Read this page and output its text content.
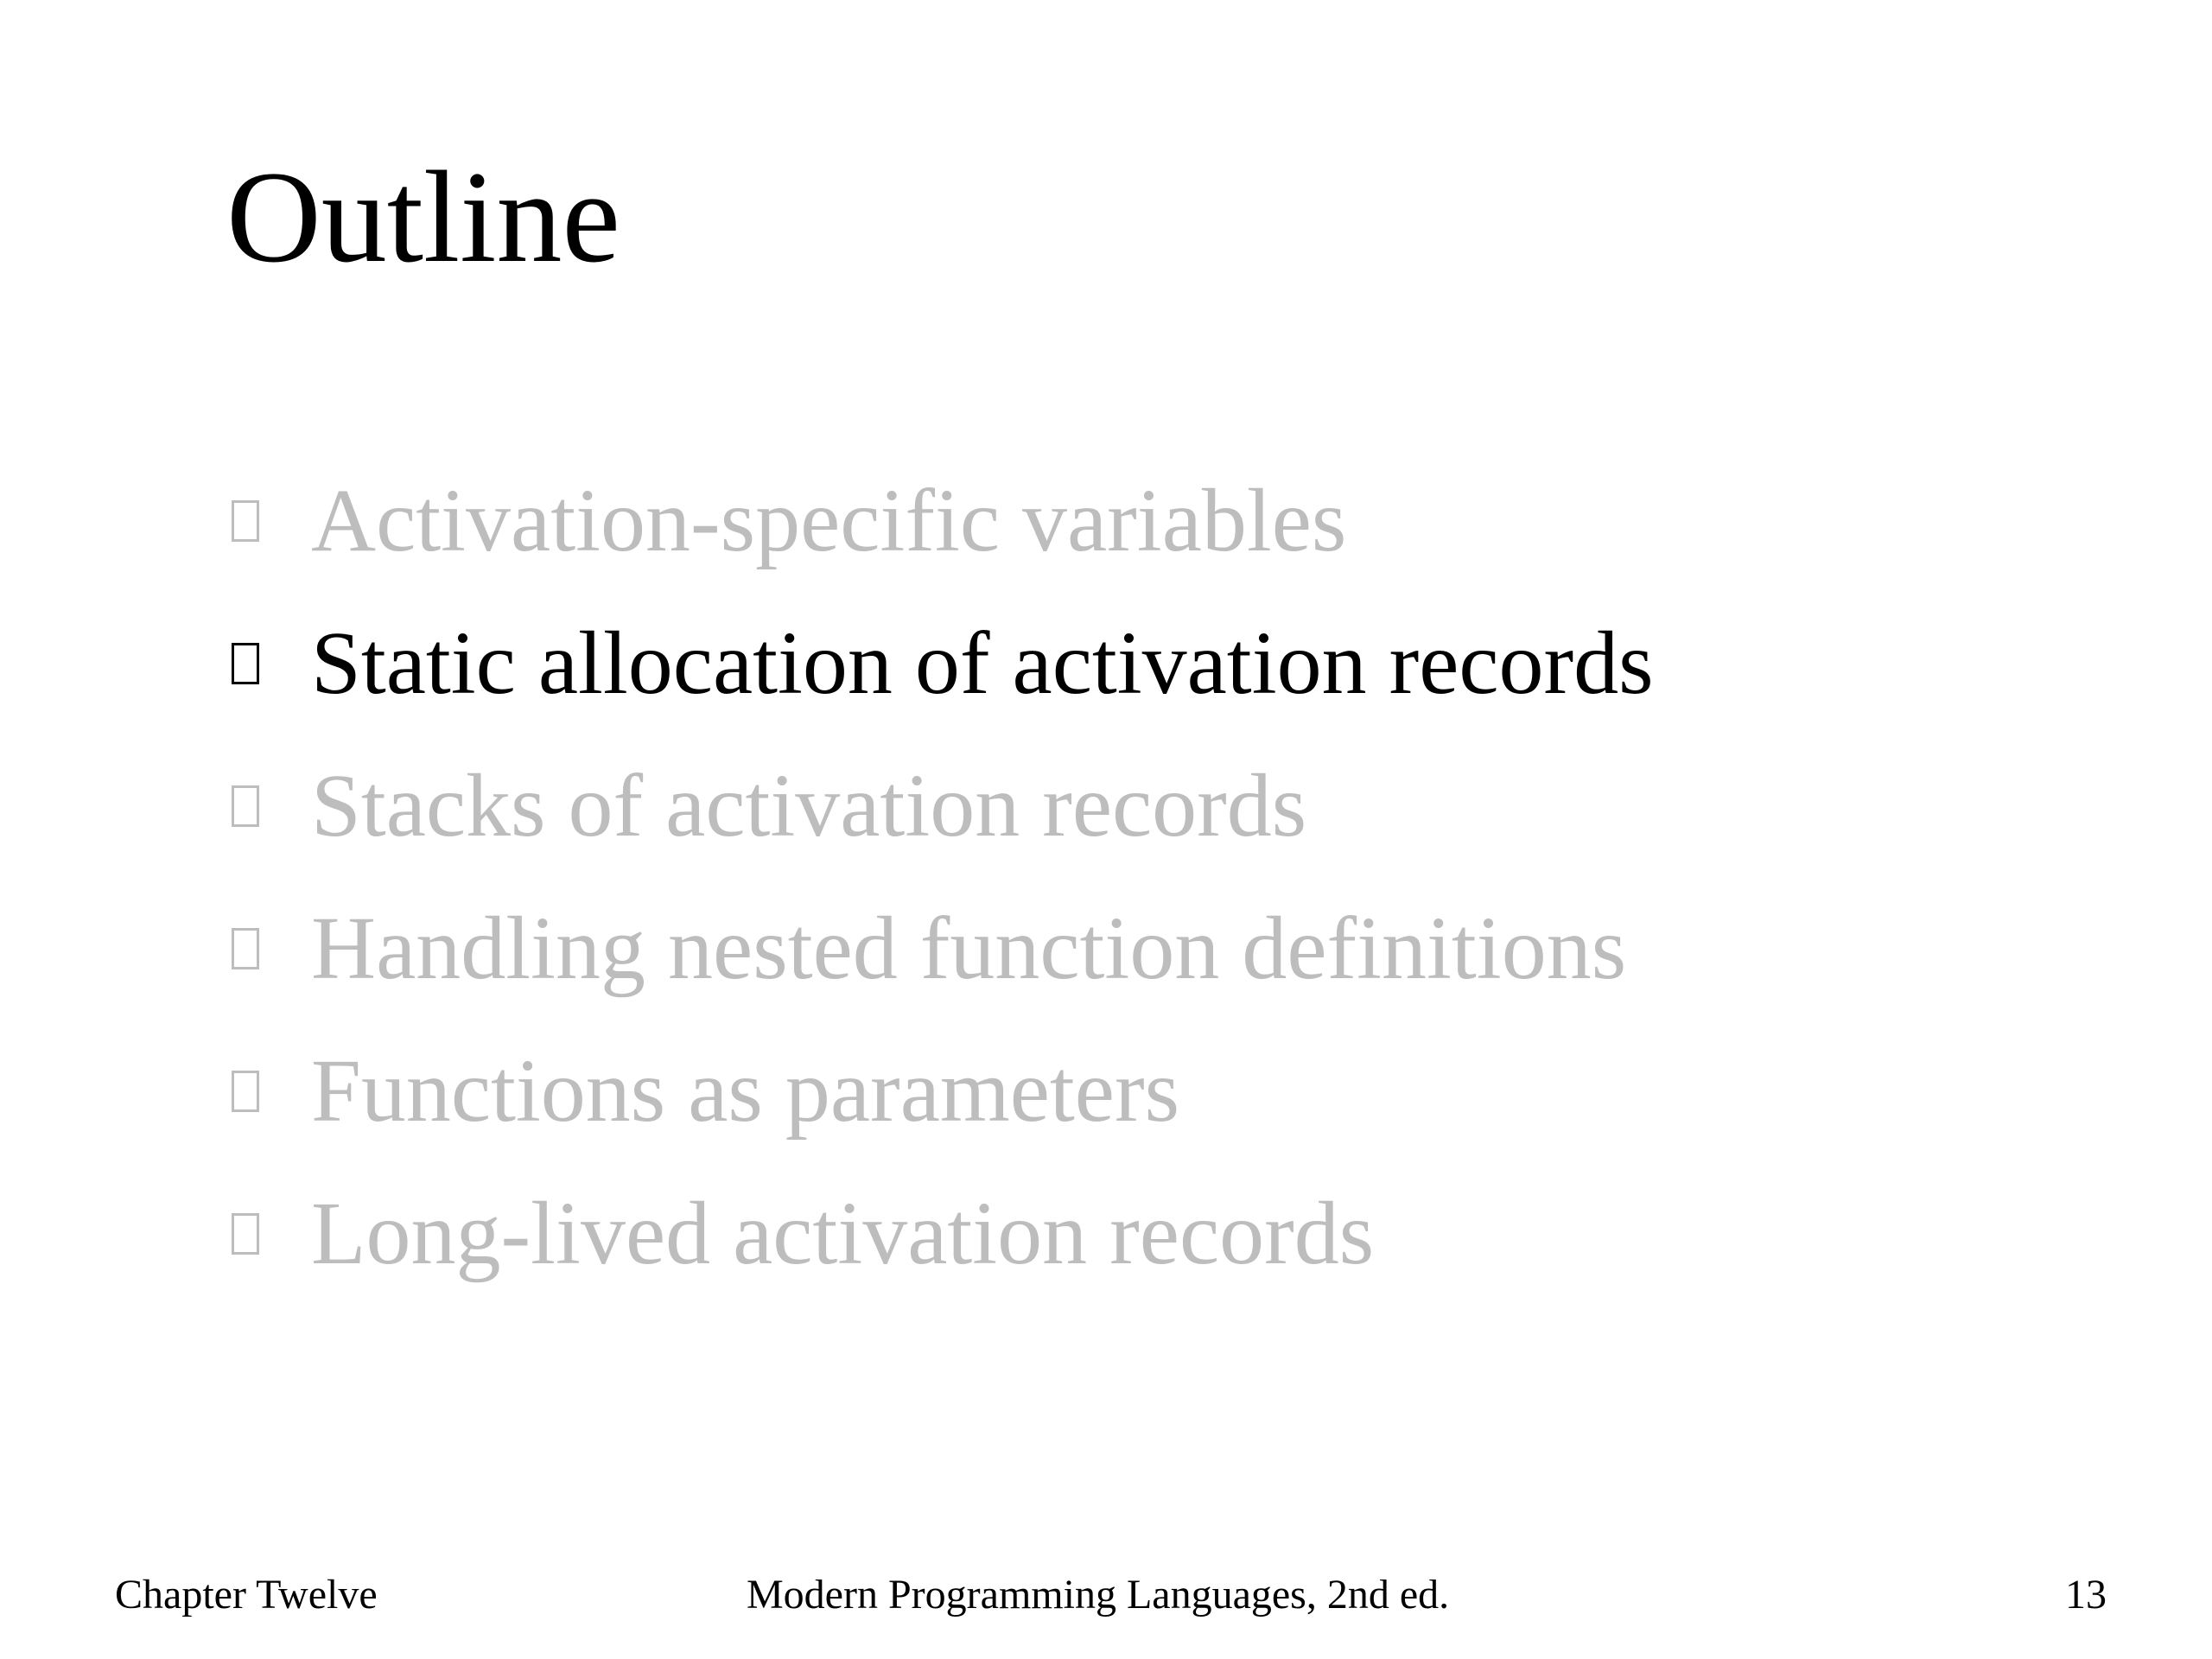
Outline
Activation-specific variables
Static allocation of activation records
Stacks of activation records
Handling nested function definitions
Functions as parameters
Long-lived activation records
Chapter Twelve	Modern Programming Languages, 2nd ed.	13
